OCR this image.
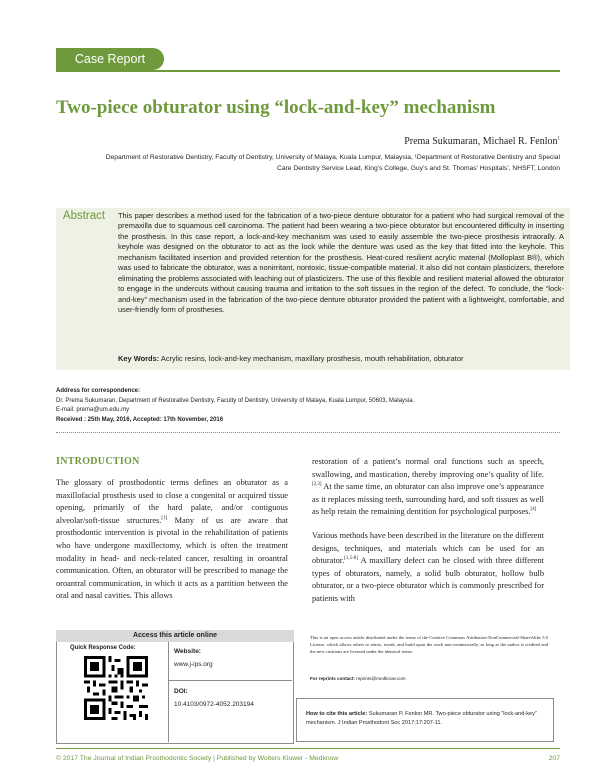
Case Report
Two-piece obturator using “lock-and-key” mechanism
Prema Sukumaran, Michael R. Fenlon$^1$
Department of Restorative Dentistry, Faculty of Dentistry, University of Malaya, Kuala Lumpur, Malaysia, ¹Department of Restorative Dentistry and Special Care Dentistry Service Lead, King’s College, Guy’s and St. Thomas’ Hospitals’, NHSFT, London
Abstract	This paper describes a method used for the fabrication of a two-piece denture obturator for a patient who had surgical removal of the premaxilla due to squamous cell carcinoma. The patient had been wearing a two-piece obturator but encountered difficulty in inserting the prosthesis. In this case report, a lock-and-key mechanism was used to easily assemble the two-piece prosthesis intraorally. A keyhole was designed on the obturator to act as the lock while the denture was used as the key that fitted into the keyhole. This mechanism facilitated insertion and provided retention for the prosthesis. Heat-cured resilient acrylic material (Molloplast B®), which was used to fabricate the obturator, was a nonirritant, nontoxic, tissue-compatible material. It also did not contain plasticizers, therefore eliminating the problems associated with leaching out of plasticizers. The use of this flexible and resilient material allowed the obturator to engage in the undercuts without causing trauma and irritation to the soft tissues in the region of the defect. To conclude, the “lock-and-key” mechanism used in the fabrication of the two-piece denture obturator provided the patient with a lightweight, comfortable, and user-friendly form of prostheses.
Key Words: Acrylic resins, lock-and-key mechanism, maxillary prosthesis, mouth rehabilitation, obturator
Address for correspondence:
Dr. Prema Sukumaran, Department of Restorative Dentistry, Faculty of Dentistry, University of Malaya, Kuala Lumpur, 50603, Malaysia.
E-mail: prema@um.edu.my
Received : 25th May, 2016, Accepted: 17th November, 2016
INTRODUCTION

The glossary of prosthodontic terms defines an obturator as a maxillofacial prosthesis used to close a congenital or acquired tissue opening, primarily of the hard palate, and/or contiguous alveolar/soft-tissue structures.[1] Many of us are aware that prosthodontic intervention is pivotal in the rehabilitation of patients who have undergone maxillectomy, which is often the treatment modality in head- and neck-related cancer, resulting in oroantral communication. Often, an obturator will be prescribed to manage the oroantral communication, in which it acts as a partition between the oral and nasal cavities. This allows

restoration of a patient’s normal oral functions such as speech, swallowing, and mastication, thereby improving one’s quality of life.[2,3] At the same time, an obturator can also improve one’s appearance as it replaces missing teeth, surrounding hard, and soft tissues as well as help retain the remaining dentition for psychological purposes.[4]

Various methods have been described in the literature on the different designs, techniques, and materials which can be used for an obturator.[1,5-8] A maxillary defect can be closed with three different types of obturators, namely, a solid bulb obturator, hollow bulb obturator, or a two-piece obturator which is commonly prescribed for patients with

Access this article online
Quick Response Code:	Website:
www.j-ips.org
DOI:
10.4103/0972-4052.203194
This is an open access article distributed under the terms of the Creative Commons Attribution-NonCommercial-ShareAlike 3.0 License, which allows others to remix, tweak, and build upon the work non-commercially, as long as the author is credited and the new creations are licensed under the identical terms.
For reprints contact: reprints@medknow.com
How to cite this article: Sukumaran P, Fenlon MR. Two-piece obturator using “lock-and-key” mechanism. J Indian Prosthodont Soc 2017;17:207-11.
© 2017 The Journal of Indian Prosthodontic Society | Published by Wolters Kluwer - Medknow	207
